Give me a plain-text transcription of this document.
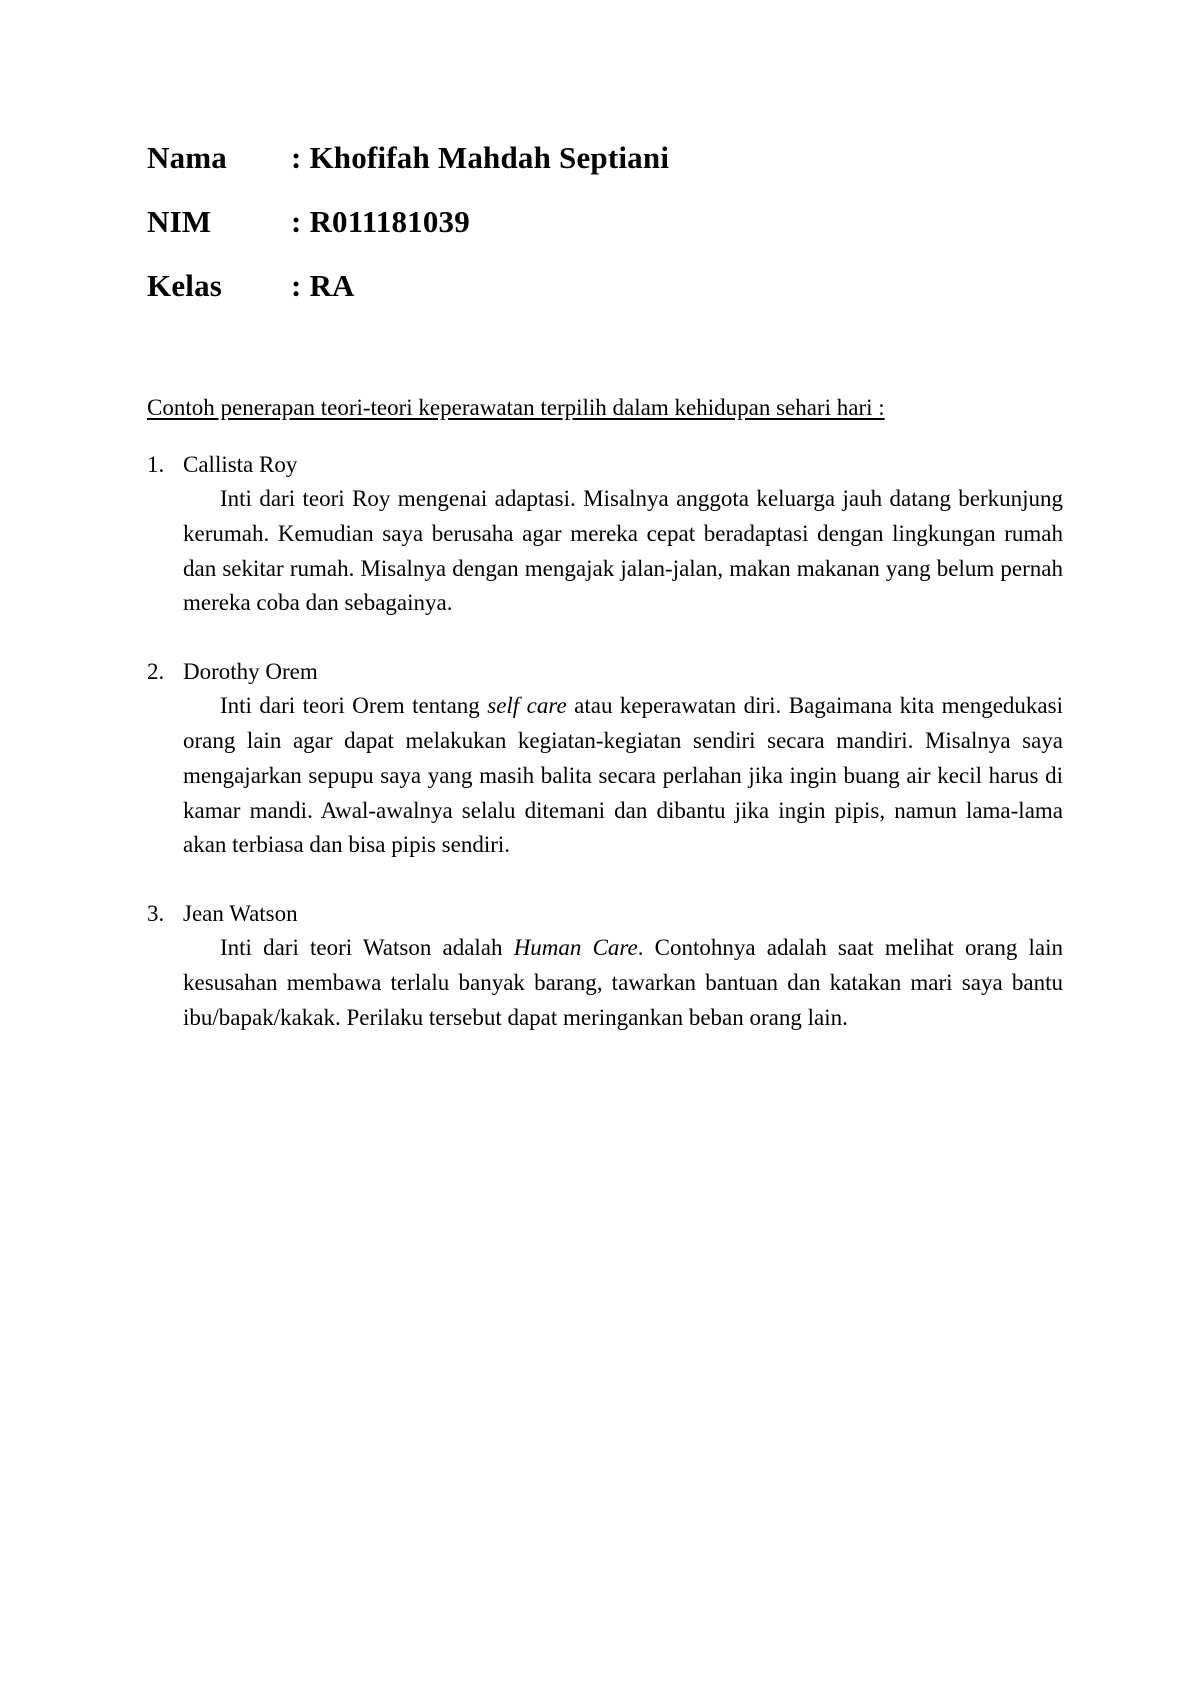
Nama	: Khofifah Mahdah Septiani
NIM	: R011181039
Kelas	: RA
Contoh penerapan teori-teori keperawatan terpilih dalam kehidupan sehari hari :
1. Callista Roy
Inti dari teori Roy mengenai adaptasi. Misalnya anggota keluarga jauh datang berkunjung kerumah. Kemudian saya berusaha agar mereka cepat beradaptasi dengan lingkungan rumah dan sekitar rumah. Misalnya dengan mengajak jalan-jalan, makan makanan yang belum pernah mereka coba dan sebagainya.
2. Dorothy Orem
Inti dari teori Orem tentang self care atau keperawatan diri. Bagaimana kita mengedukasi orang lain agar dapat melakukan kegiatan-kegiatan sendiri secara mandiri. Misalnya saya mengajarkan sepupu saya yang masih balita secara perlahan jika ingin buang air kecil harus di kamar mandi. Awal-awalnya selalu ditemani dan dibantu jika ingin pipis, namun lama-lama akan terbiasa dan bisa pipis sendiri.
3. Jean Watson
Inti dari teori Watson adalah Human Care. Contohnya adalah saat melihat orang lain kesusahan membawa terlalu banyak barang, tawarkan bantuan dan katakan mari saya bantu ibu/bapak/kakak. Perilaku tersebut dapat meringankan beban orang lain.
